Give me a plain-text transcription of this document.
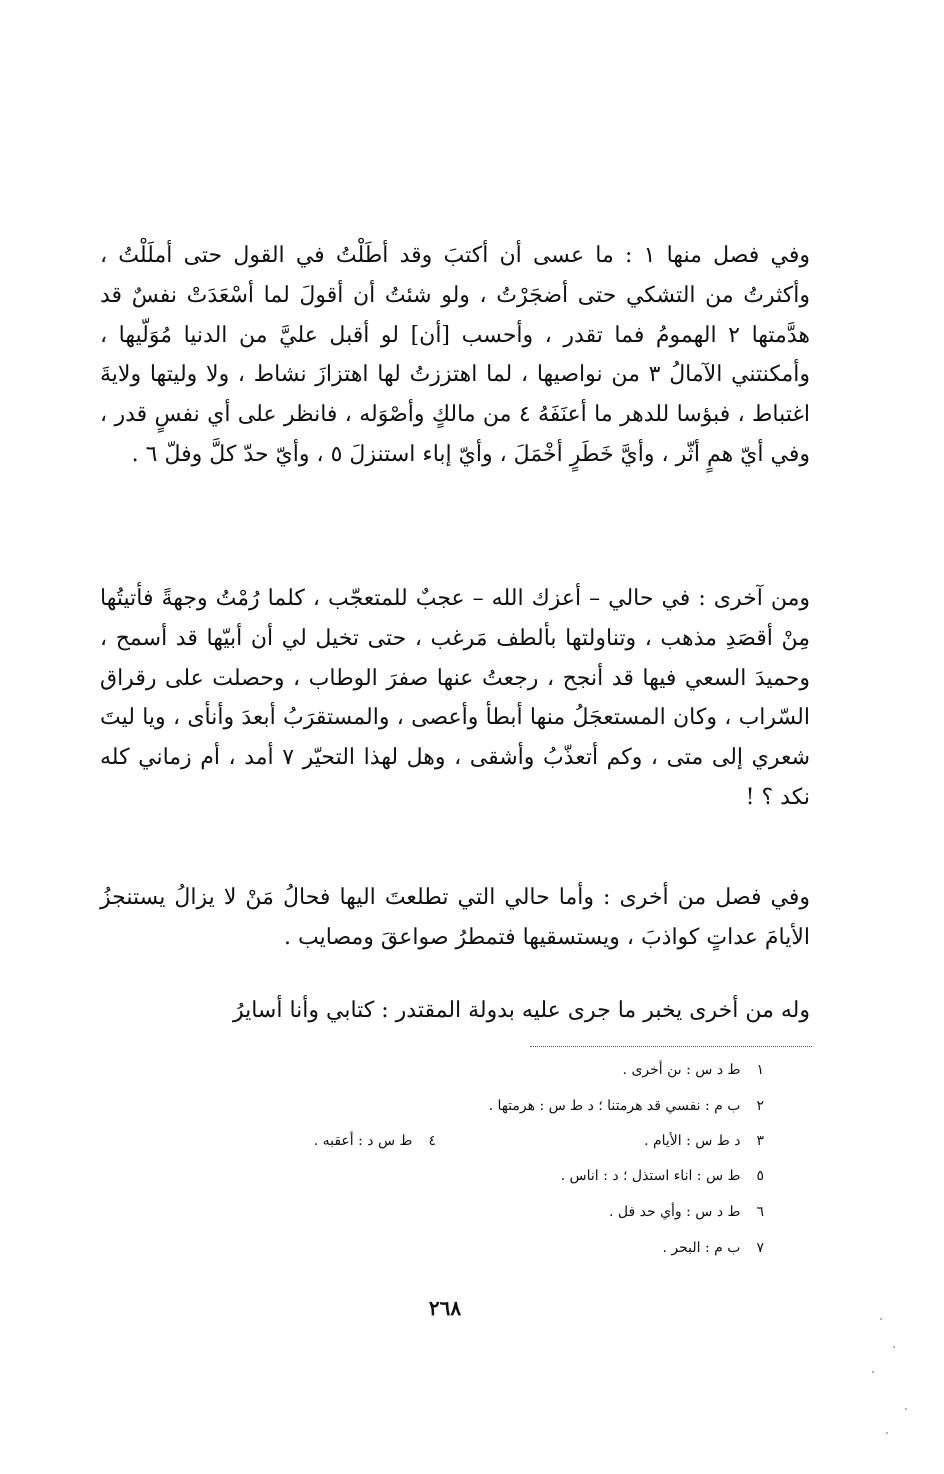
وفي فصل منها ١ : ما عسى أن أكتبَ وقد أطَلْتُ في القول حتى أملَلْتُ ، وأكثرتُ من التشكي حتى أضجَرْتُ ، ولو شئتُ أن أقولَ لما أسْعَدَتْ نفسٌ قد هدَّمتها ٢ الهمومُ فما تقدر ، وأحسب [أن] لو أقبل عليَّ من الدنيا مُوَلّيها ، وأمكنتني الآمالُ ٣ من نواصيها ، لما اهتززتُ لها اهتزازَ نشاط ، ولا وليتها ولايةَ اغتباط ، فبؤسا للدهر ما أعنَفَهُ ٤ من مالكٍ وأصْوَله ، فانظر على أي نفسٍ قدر ، وفي أيّ همٍ أثّر ، وأيَّ خَطَرٍ أخْمَلَ ، وأيّ إباء استنزلَ ٥ ، وأيّ حدّ كلَّ وفلّ ٦ .

ومن آخرى : في حالي – أعزك الله – عجبٌ للمتعجّب ، كلما رُمْتُ وجهةً فأتيتُها مِنْ أقصَدِ مذهب ، وتناولتها بألطف مَرغب ، حتى تخيل لي أن أبيّها قد أسمح ، وحميدَ السعي فيها قد أنجح ، رجعتُ عنها صفرَ الوطاب ، وحصلت على رقراق السّراب ، وكان المستعجَلُ منها أبطأ وأعصى ، والمستقرَبُ أبعدَ وأنأى ، ويا ليتَ شعري إلى متى ، وكم أتعذّبُ وأشقى ، وهل لهذا التحيّر ٧ أمد ، أم زماني كله نكد ؟ !

وفي فصل من أخرى : وأما حالي التي تطلعتَ اليها فحالُ مَنْ لا يزالُ يستنجزُ الأيامَ عداتٍ كواذبَ ، ويستسقيها فتمطرُ صواعقَ ومصايب .

وله من أخرى يخبر ما جرى عليه بدولة المقتدر : كتابي وأنا أسايرُ

١ط د س : ىن أخرى .
٢ب م : نفسي قد هرمتنا ؛ د ط س : هرمتها .
٣د ط س : الأيام .
٤ط س د : أعقبه .
٥ط س : اناء استذل ؛ د : اناس .
٦ط د س : وأي حد فل .
٧ب م : البحر .
٢٦٨
